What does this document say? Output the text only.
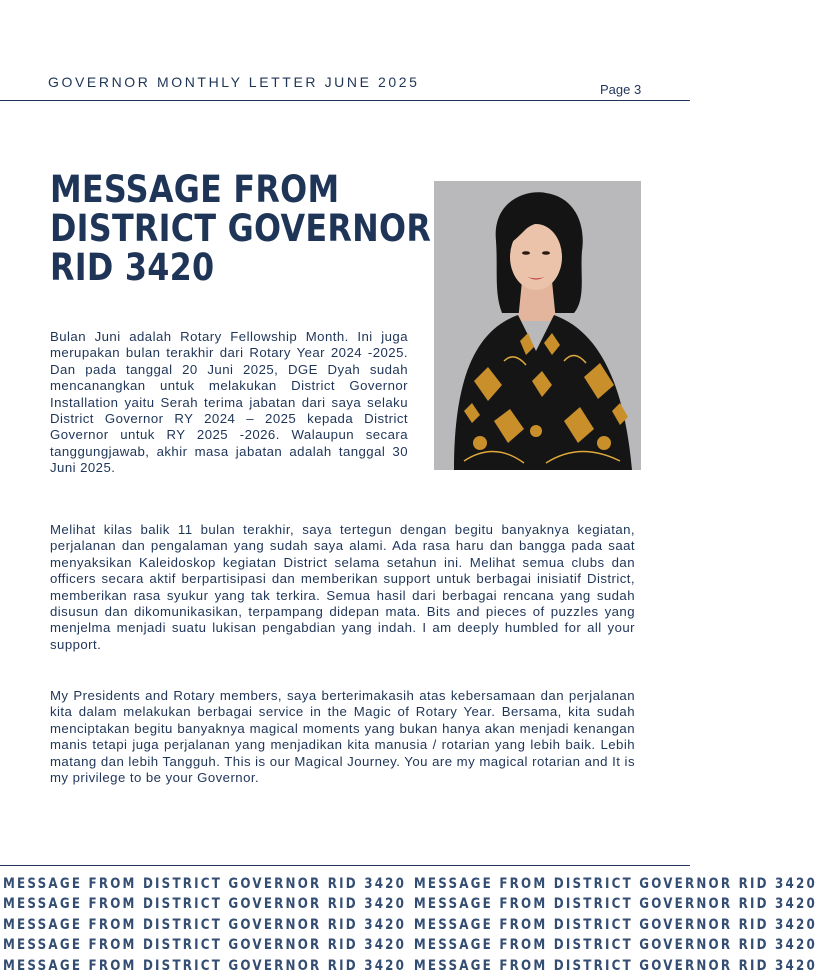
GOVERNOR MONTHLY LETTER JUNE 2025	Page 3
MESSAGE FROM
DISTRICT GOVERNOR
RID 3420

Bulan Juni adalah Rotary Fellowship Month. Ini juga merupakan bulan terakhir dari Rotary Year 2024 -2025. Dan pada tanggal 20 Juni 2025, DGE Dyah sudah mencanangkan untuk melakukan District Governor Installation yaitu Serah terima jabatan dari saya selaku District Governor RY 2024 – 2025 kepada District Governor untuk RY 2025 -2026. Walaupun secara tanggungjawab, akhir masa jabatan adalah tanggal 30 Juni 2025.

Melihat kilas balik 11 bulan terakhir, saya tertegun dengan begitu banyaknya kegiatan, perjalanan dan pengalaman yang sudah saya alami. Ada rasa haru dan bangga pada saat menyaksikan Kaleidoskop kegiatan District selama setahun ini. Melihat semua clubs dan officers secara aktif berpartisipasi dan memberikan support untuk berbagai inisiatif District, memberikan rasa syukur yang tak terkira. Semua hasil dari berbagai rencana yang sudah disusun dan dikomunikasikan, terpampang didepan mata. Bits and pieces of puzzles yang menjelma menjadi suatu lukisan pengabdian yang indah. I am deeply humbled for all your support.

My Presidents and Rotary members, saya berterimakasih atas kebersamaan dan perjalanan kita dalam melakukan berbagai service in the Magic of Rotary Year. Bersama, kita sudah menciptakan begitu banyaknya magical moments yang bukan hanya akan menjadi kenangan manis tetapi juga perjalanan yang menjadikan kita manusia / rotarian yang lebih baik. Lebih matang dan lebih Tangguh. This is our Magical Journey. You are my magical rotarian and It is my privilege to be your Governor.

MESSAGE FROM DISTRICT GOVERNOR RID 3420 MESSAGE FROM DISTRICT GOVERNOR RID 3420
MESSAGE FROM DISTRICT GOVERNOR RID 3420 MESSAGE FROM DISTRICT GOVERNOR RID 3420
MESSAGE FROM DISTRICT GOVERNOR RID 3420 MESSAGE FROM DISTRICT GOVERNOR RID 3420
MESSAGE FROM DISTRICT GOVERNOR RID 3420 MESSAGE FROM DISTRICT GOVERNOR RID 3420
MESSAGE FROM DISTRICT GOVERNOR RID 3420 MESSAGE FROM DISTRICT GOVERNOR RID 3420
